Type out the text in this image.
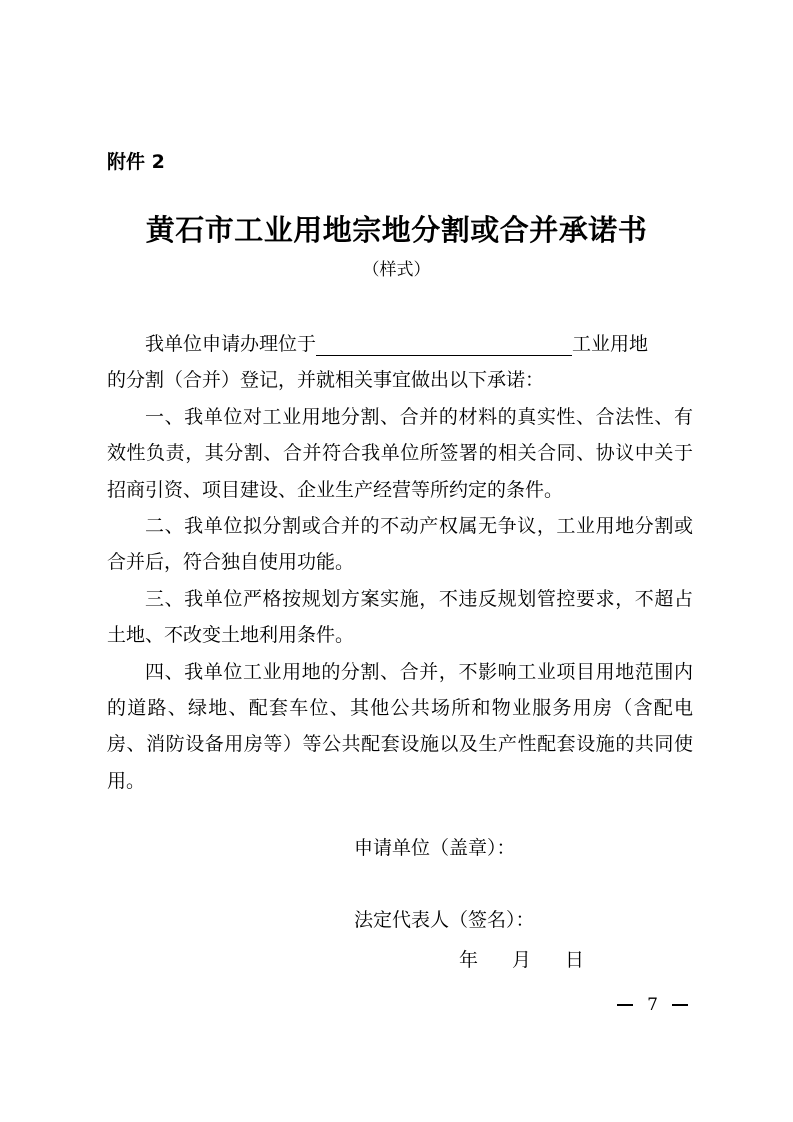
附件 2
黄石市工业用地宗地分割或合并承诺书
（样式）

我单位申请办理位于	工业用地

的分割（合并）登记，并就相关事宜做出以下承诺：

一、我单位对工业用地分割、合并的材料的真实性、合法性、有效性负责，其分割、合并符合我单位所签署的相关合同、协议中关于招商引资、项目建设、企业生产经营等所约定的条件。

二、我单位拟分割或合并的不动产权属无争议，工业用地分割或合并后，符合独自使用功能。

三、我单位严格按规划方案实施，不违反规划管控要求，不超占土地、不改变土地利用条件。

四、我单位工业用地的分割、合并，不影响工业项目用地范围内的道路、绿地、配套车位、其他公共场所和物业服务用房（含配电房、消防设备用房等）等公共配套设施以及生产性配套设施的共同使用。

申请单位（盖章）：
法定代表人（签名）：
年 月 日
7
